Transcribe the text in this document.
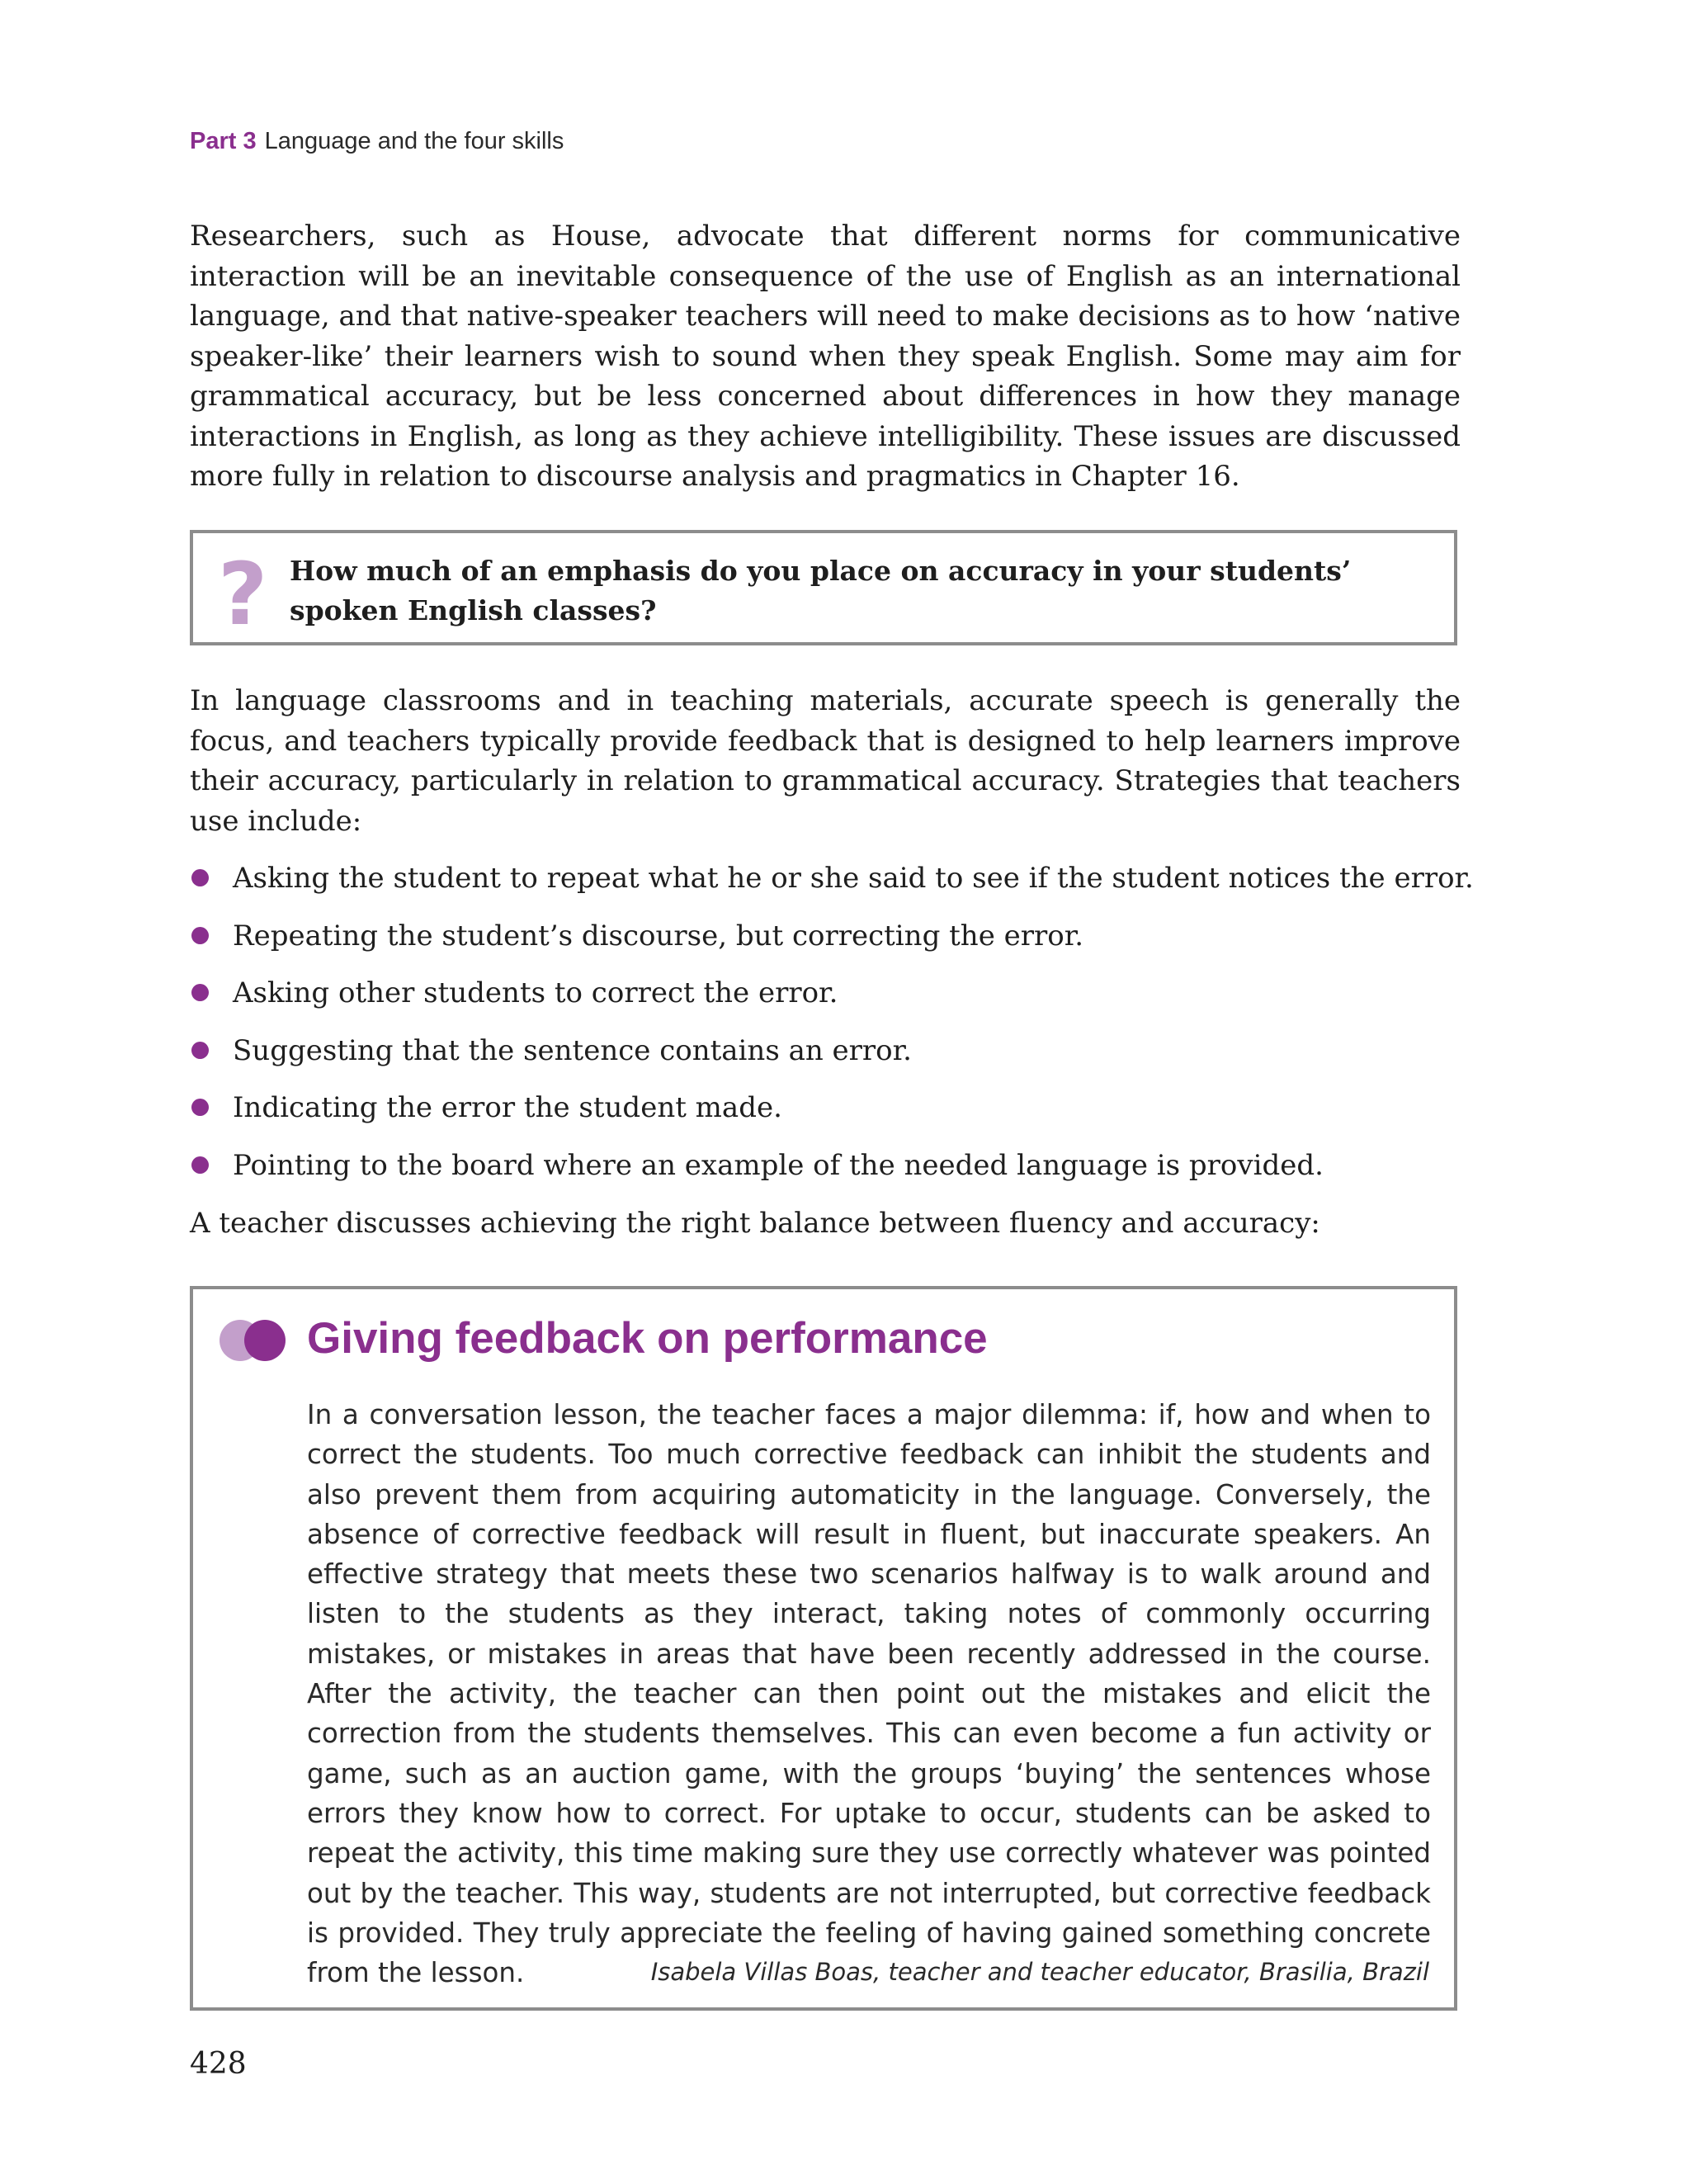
Part 3 Language and the four skills

Researchers, such as House, advocate that different norms for communicative interaction will be an inevitable consequence of the use of English as an international language, and that native-speaker teachers will need to make decisions as to how ‘native speaker-like’ their learners wish to sound when they speak English. Some may aim for grammatical accuracy, but be less concerned about differences in how they manage interactions in English, as long as they achieve intelligibility. These issues are discussed more fully in relation to discourse analysis and pragmatics in Chapter 16.

? How much of an emphasis do you place on accuracy in your students’ spoken English classes?

In language classrooms and in teaching materials, accurate speech is generally the focus, and teachers typically provide feedback that is designed to help learners improve their accuracy, particularly in relation to grammatical accuracy. Strategies that teachers use include:

Asking the student to repeat what he or she said to see if the student notices the error.
Repeating the student’s discourse, but correcting the error.
Asking other students to correct the error.
Suggesting that the sentence contains an error.
Indicating the error the student made.
Pointing to the board where an example of the needed language is provided.

A teacher discusses achieving the right balance between fluency and accuracy:

Giving feedback on performance
In a conversation lesson, the teacher faces a major dilemma: if, how and when to correct the students. Too much corrective feedback can inhibit the students and also prevent them from acquiring automaticity in the language. Conversely, the absence of corrective feedback will result in fluent, but inaccurate speakers. An effective strategy that meets these two scenarios halfway is to walk around and listen to the students as they interact, taking notes of commonly occurring mistakes, or mistakes in areas that have been recently addressed in the course. After the activity, the teacher can then point out the mistakes and elicit the correction from the students themselves. This can even become a fun activity or game, such as an auction game, with the groups ‘buying’ the sentences whose errors they know how to correct. For uptake to occur, students can be asked to repeat the activity, this time making sure they use correctly whatever was pointed out by the teacher. This way, students are not interrupted, but corrective feedback is provided. They truly appreciate the feeling of having gained something concrete from the lesson.	Isabela Villas Boas, teacher and teacher educator, Brasilia, Brazil
428
